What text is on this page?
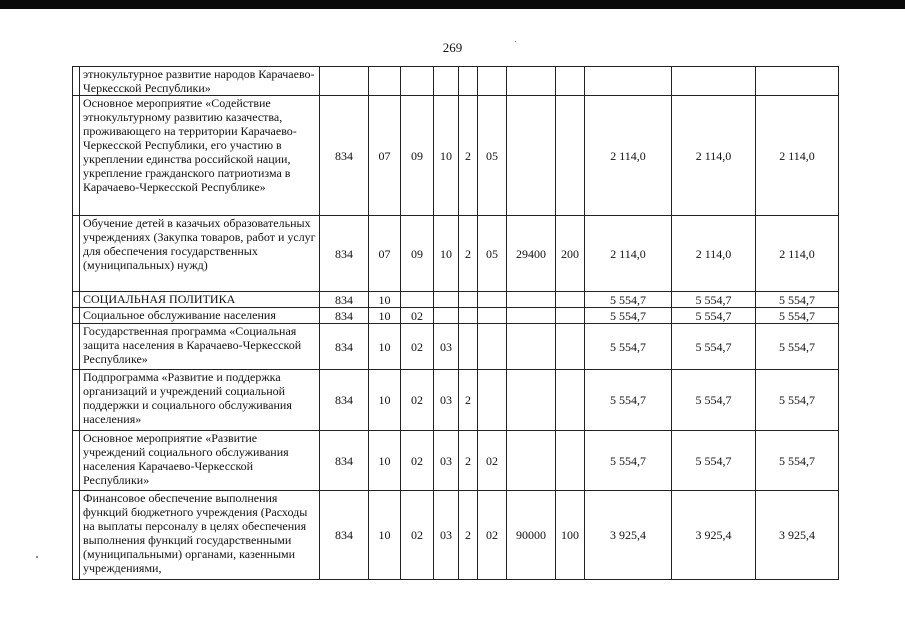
269
	этнокультурное развитие народов Карачаево-Черкесской Республики»											
	Основное мероприятие «Содействие этнокультурному развитию казачества, проживающего на территории Карачаево-Черкесской Республики, его участию в укреплении единства российской нации, укрепление гражданского патриотизма в Карачаево-Черкесской Республике»	834	07	09	10	2	05			2 114,0	2 114,0	2 114,0
	Обучение детей в казачьих образовательных учреждениях (Закупка товаров, работ и услуг для обеспечения государственных (муниципальных) нужд)	834	07	09	10	2	05	29400	200	2 114,0	2 114,0	2 114,0
	СОЦИАЛЬНАЯ ПОЛИТИКА	834	10							5 554,7	5 554,7	5 554,7
	Социальное обслуживание населения	834	10	02						5 554,7	5 554,7	5 554,7
	Государственная программа «Социальная защита населения в Карачаево-Черкесской Республике»	834	10	02	03					5 554,7	5 554,7	5 554,7
	Подпрограмма «Развитие и поддержка организаций и учреждений социальной поддержки и социального обслуживания населения»	834	10	02	03	2				5 554,7	5 554,7	5 554,7
	Основное мероприятие «Развитие учреждений социального обслуживания населения Карачаево-Черкесской Республики»	834	10	02	03	2	02			5 554,7	5 554,7	5 554,7
	Финансовое обеспечение выполнения функций бюджетного учреждения (Расходы на выплаты персоналу в целях обеспечения выполнения функций государственными (муниципальными) органами, казенными учреждениями,	834	10	02	03	2	02	90000	100	3 925,4	3 925,4	3 925,4
